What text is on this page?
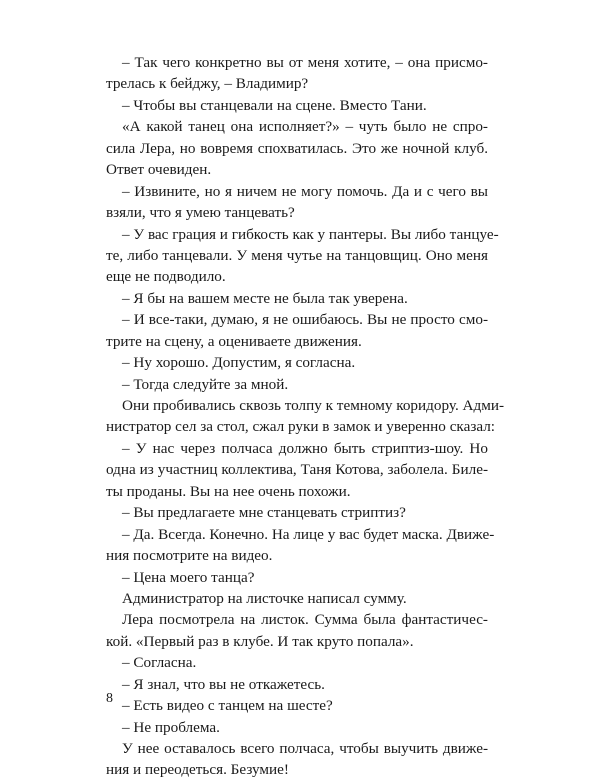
– Так чего конкретно вы от меня хотите, – она присмо-
трелась к бейджу, – Владимир?
– Чтобы вы станцевали на сцене. Вместо Тани.
«А какой танец она исполняет?» – чуть было не спро-
сила Лера, но вовремя спохватилась. Это же ночной клуб.
Ответ очевиден.
– Извините, но я ничем не могу помочь. Да и с чего вы
взяли, что я умею танцевать?
– У вас грация и гибкость как у пантеры. Вы либо танцуе-
те, либо танцевали. У меня чутье на танцовщиц. Оно меня
еще не подводило.
– Я бы на вашем месте не была так уверена.
– И все-таки, думаю, я не ошибаюсь. Вы не просто смо-
трите на сцену, а оцениваете движения.
– Ну хорошо. Допустим, я согласна.
– Тогда следуйте за мной.
Они пробивались сквозь толпу к темному коридору. Адми-
нистратор сел за стол, сжал руки в замок и уверенно сказал:
– У нас через полчаса должно быть стриптиз-шоу. Но
одна из участниц коллектива, Таня Котова, заболела. Биле-
ты проданы. Вы на нее очень похожи.
– Вы предлагаете мне станцевать стриптиз?
– Да. Всегда. Конечно. На лице у вас будет маска. Движе-
ния посмотрите на видео.
– Цена моего танца?
Администратор на листочке написал сумму.
Лера посмотрела на листок. Сумма была фантастичес-
кой. «Первый раз в клубе. И так круто попала».
– Согласна.
– Я знал, что вы не откажетесь.
– Есть видео с танцем на шесте?
– Не проблема.
У нее оставалось всего полчаса, чтобы выучить движе-
ния и переодеться. Безумие!
8
